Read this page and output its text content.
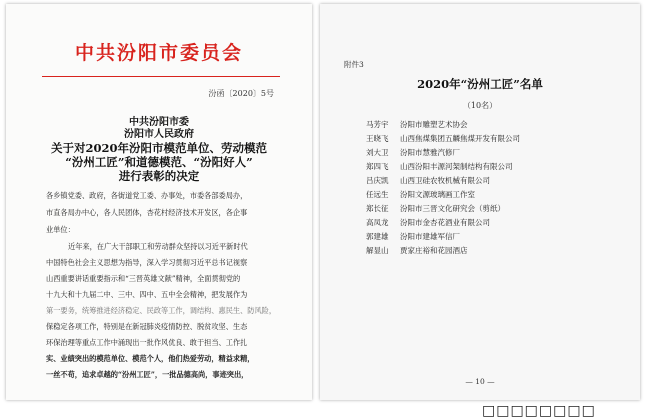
中共汾阳市委员会
汾函〔2020〕5号
中共汾阳市委
汾阳市人民政府
关于对2020年汾阳市模范单位、劳动模范
“汾州工匠”和道德模范、“汾阳好人”
进行表彰的决定
各乡镇党委、政府，各街道党工委、办事处，市委各部委局办，
市直各局办中心，各人民团体，杏花村经济技术开发区，各企事
业单位：
近年来，在广大干部职工和劳动群众坚持以习近平新时代
中国特色社会主义思想为指导，深入学习贯彻习近平总书记视察
山西重要讲话重要指示和“三晋英雄文献”精神，全面贯彻党的
十九大和十九届二中、三中、四中、五中全会精神，把发展作为
第一要务，统筹推进经济稳定、民政等工作，调结构、惠民生、防风险，
保稳定各项工作，特别是在新冠肺炎疫情防控、脱贫攻坚、生态
环保治理等重点工作中涌现出一批作风优良、敢于担当、工作扎
实、业绩突出的模范单位、模范个人，他们热爱劳动，精益求精，
一丝不苟，追求卓越的“汾州工匠”，一批品德高尚，事迹突出，
附件3
2020年“汾州工匠”名单
（10名）
马芳宇 汾阳市雕塑艺术协会
王晓飞 山西焦煤集团五麟焦煤开发有限公司
刘大卫 汾阳市慧雅汽修厂
郑四飞 山西汾阳丰源河架制结构有限公司
吕庆凯 山西卫硅农牧机械有限公司
任远生 汾阳文源玻璃画工作室
郑长征 汾阳市三晋文化研究会（剪纸）
高凤龙 汾阳市金杏花酒业有限公司
郭建雄 汾阳市建雄军信厂
解显山 贾家庄裕和花园酒店
— 10 —
□□□□□□□□
